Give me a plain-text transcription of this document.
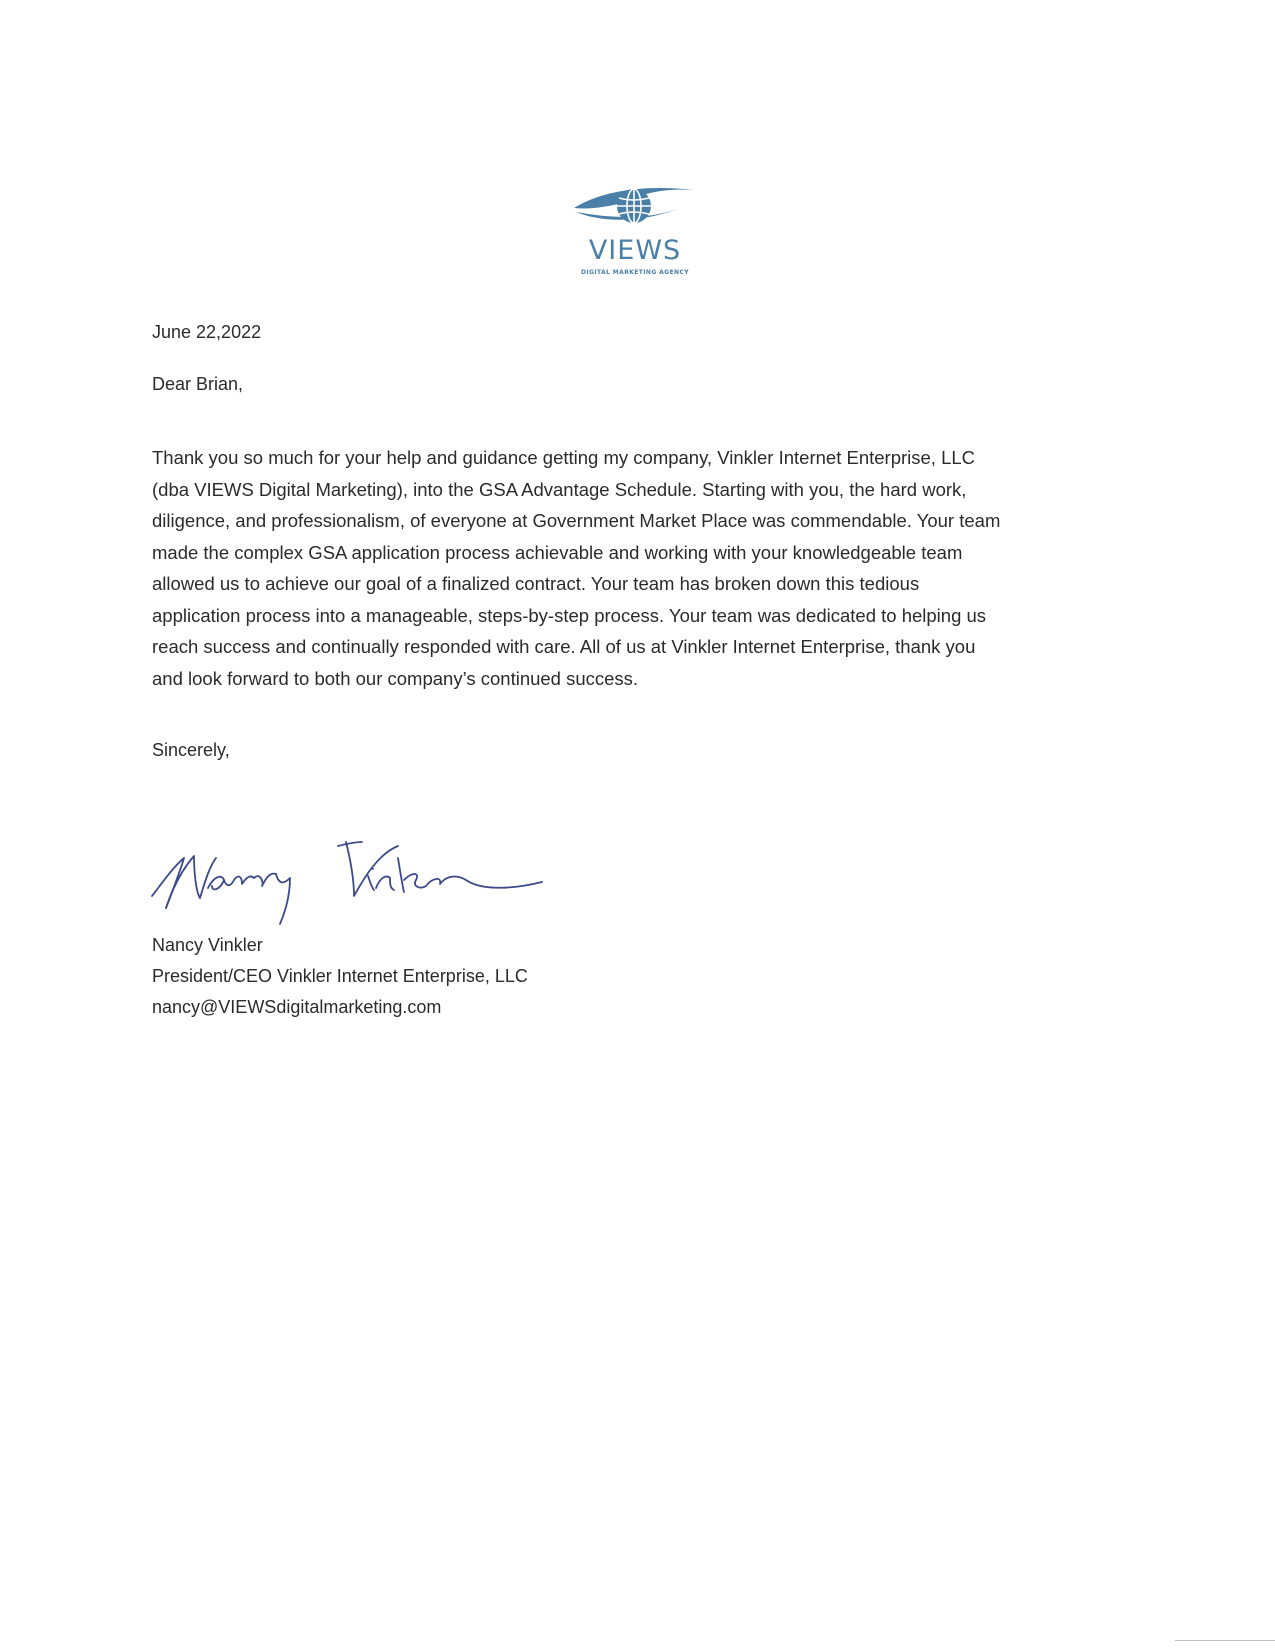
VIEWS
DIGITAL MARKETING AGENCY
June 22,2022
Dear Brian,
Thank you so much for your help and guidance getting my company, Vinkler Internet Enterprise, LLC
(dba VIEWS Digital Marketing), into the GSA Advantage Schedule. Starting with you, the hard work,
diligence, and professionalism, of everyone at Government Market Place was commendable. Your team
made the complex GSA application process achievable and working with your knowledgeable team
allowed us to achieve our goal of a finalized contract. Your team has broken down this tedious
application process into a manageable, steps-by-step process. Your team was dedicated to helping us
reach success and continually responded with care. All of us at Vinkler Internet Enterprise, thank you
and look forward to both our company’s continued success.
Sincerely,
Nancy Vinkler
President/CEO Vinkler Internet Enterprise, LLC
nancy@VIEWSdigitalmarketing.com
